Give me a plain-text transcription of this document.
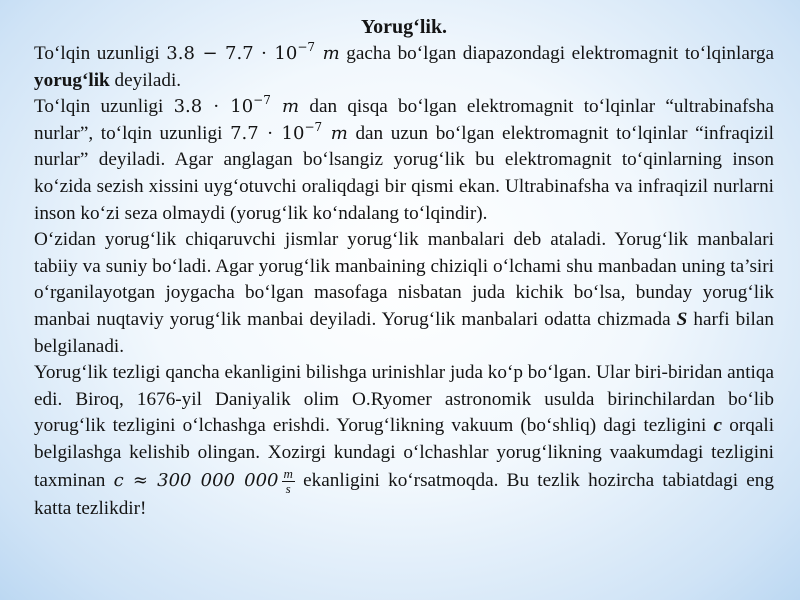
Yorug‘lik.

To‘lqin uzunligi $3.8 - 7.7 \cdot 10^{-7}$ m gacha bo‘lgan diapazondagi elektromagnit to‘lqinlarga yorug‘lik deyiladi.

To‘lqin uzunligi $3.8 \cdot 10^{-7}$ m dan qisqa bo‘lgan elektromagnit to‘lqinlar “ultrabinafsha nurlar”, to‘lqin uzunligi $7.7 \cdot 10^{-7}$ m dan uzun bo‘lgan elektromagnit to‘lqinlar “infraqizil nurlar” deyiladi. Agar anglagan bo‘lsangiz yorug‘lik bu elektromagnit to‘qinlarning inson ko‘zida sezish xissini uyg‘otuvchi oraliqdagi bir qismi ekan. Ultrabinafsha va infraqizil nurlarni inson ko‘zi seza olmaydi (yorug‘lik ko‘ndalang to‘lqindir).

O‘zidan yorug‘lik chiqaruvchi jismlar yorug‘lik manbalari deb ataladi. Yorug‘lik manbalari tabiiy va suniy bo‘ladi. Agar yorug‘lik manbaining chiziqli o‘lchami shu manbadan uning ta’siri o‘rganilayotgan joygacha bo‘lgan masofaga nisbatan juda kichik bo‘lsa, bunday yorug‘lik manbai nuqtaviy yorug‘lik manbai deyiladi. Yorug‘lik manbalari odatta chizmada S harfi bilan belgilanadi.

Yorug‘lik tezligi qancha ekanligini bilishga urinishlar juda ko‘p bo‘lgan. Ular biri-biridan antiqa edi. Biroq, 1676-yil Daniyalik olim O.Ryomer astronomik usulda birinchilardan bo‘lib yorug‘lik tezligini o‘lchashga erishdi. Yorug‘likning vakuum (bo‘shliq) dagi tezligini c orqali belgilashga kelishib olingan. Xozirgi kundagi o‘lchashlar yorug‘likning vaakumdagi tezligini taxminan c ≈ 300 000 $000 \frac{m}{s}$ ekanligini ko‘rsatmoqda. Bu tezlik hozircha tabiatdagi eng katta tezlikdir!
